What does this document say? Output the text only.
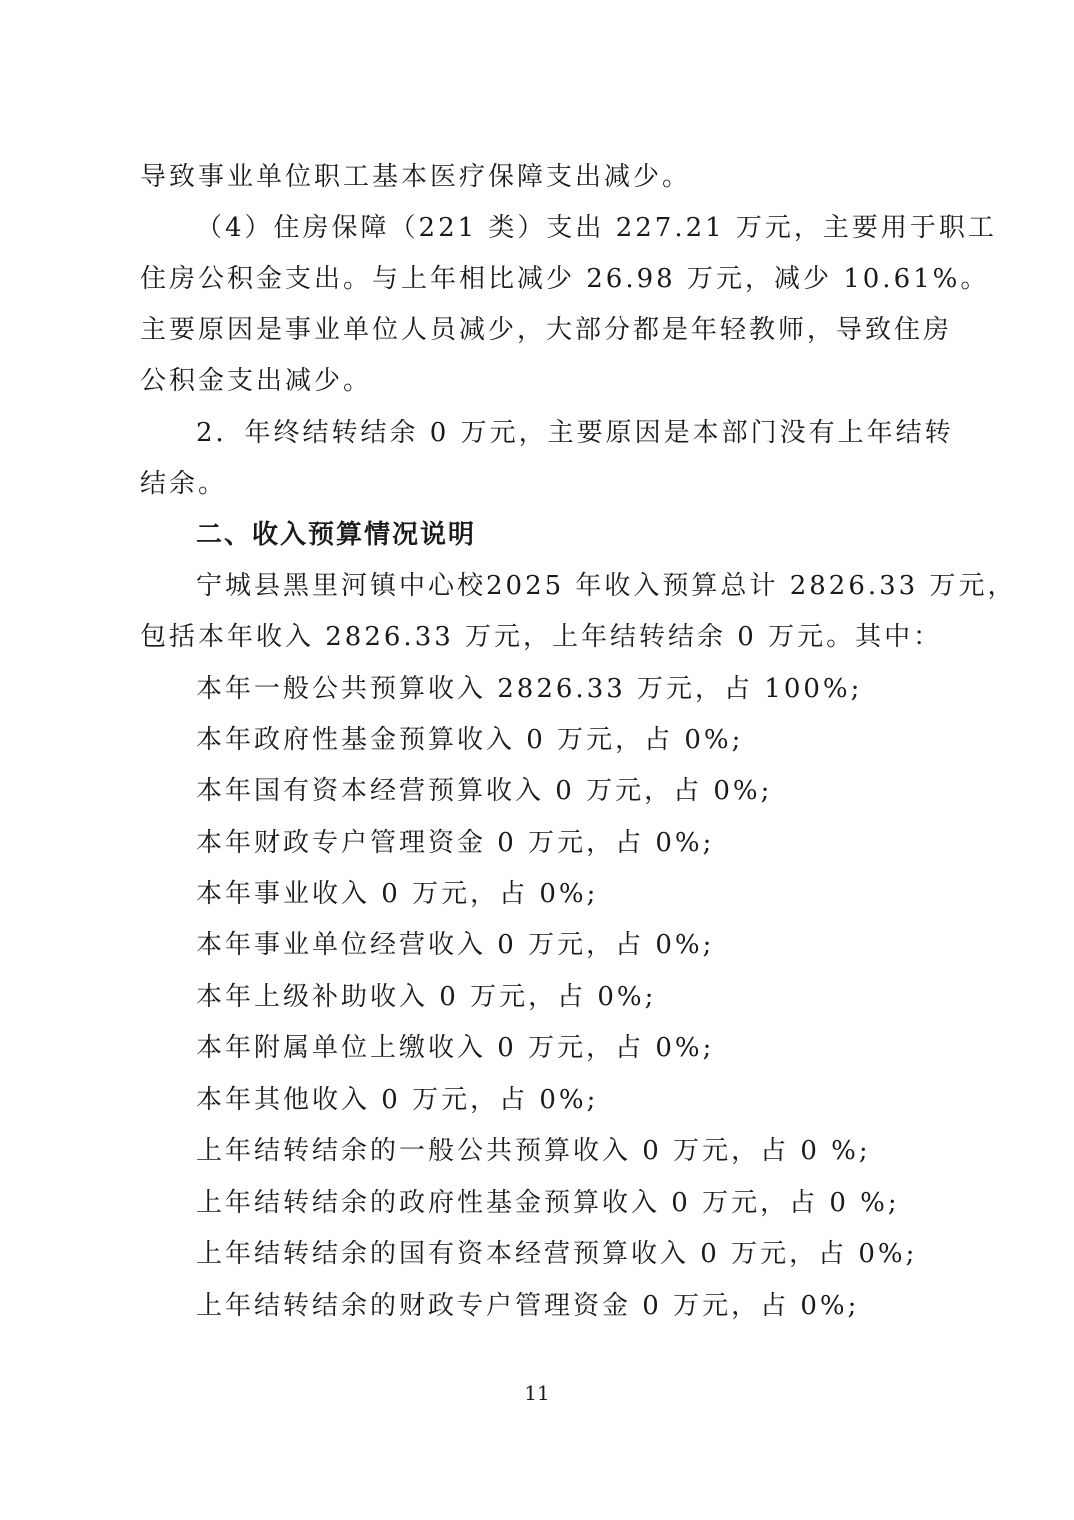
导致事业单位职工基本医疗保障支出减少。
（4）住房保障（221 类）支出 227.21 万元，主要用于职工
住房公积金支出。与上年相比减少 26.98 万元，减少 10.61%。
主要原因是事业单位人员减少，大部分都是年轻教师，导致住房
公积金支出减少。
2．年终结转结余 0 万元，主要原因是本部门没有上年结转
结余。
二、收入预算情况说明
宁城县黑里河镇中心校2025 年收入预算总计 2826.33 万元，
包括本年收入 2826.33 万元，上年结转结余 0 万元。其中：
本年一般公共预算收入 2826.33 万元，占 100%;
本年政府性基金预算收入 0 万元，占 0%;
本年国有资本经营预算收入 0 万元，占 0%;
本年财政专户管理资金 0 万元，占 0%;
本年事业收入 0 万元，占 0%;
本年事业单位经营收入 0 万元，占 0%;
本年上级补助收入 0 万元，占 0%;
本年附属单位上缴收入 0 万元，占 0%;
本年其他收入 0 万元，占 0%;
上年结转结余的一般公共预算收入 0 万元，占 0 %;
上年结转结余的政府性基金预算收入 0 万元，占 0 %;
上年结转结余的国有资本经营预算收入 0 万元，占 0%;
上年结转结余的财政专户管理资金 0 万元，占 0%;
11
